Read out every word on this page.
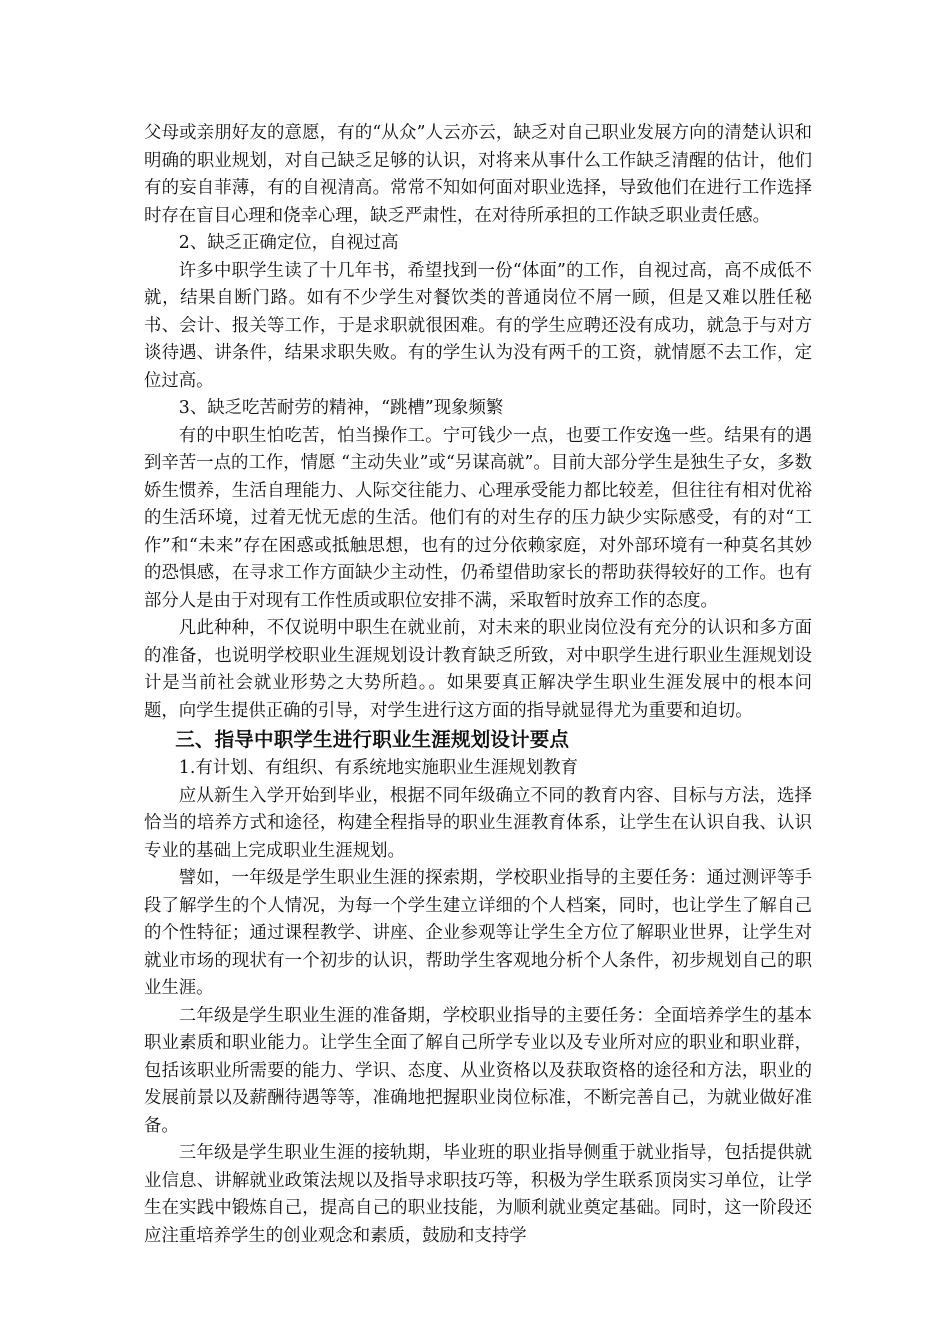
父母或亲朋好友的意愿，有的“从众”人云亦云，缺乏对自己职业发展方向的清楚认识和明确的职业规划，对自己缺乏足够的认识，对将来从事什么工作缺乏清醒的估计，他们有的妄自菲薄，有的自视清高。常常不知如何面对职业选择，导致他们在进行工作选择时存在盲目心理和侥幸心理，缺乏严肃性，在对待所承担的工作缺乏职业责任感。

2、缺乏正确定位，自视过高

许多中职学生读了十几年书，希望找到一份“体面”的工作，自视过高，高不成低不就，结果自断门路。如有不少学生对餐饮类的普通岗位不屑一顾，但是又难以胜任秘书、会计、报关等工作，于是求职就很困难。有的学生应聘还没有成功，就急于与对方谈待遇、讲条件，结果求职失败。有的学生认为没有两千的工资，就情愿不去工作，定位过高。

3、缺乏吃苦耐劳的精神，“跳槽”现象频繁

有的中职生怕吃苦，怕当操作工。宁可钱少一点，也要工作安逸一些。结果有的遇到辛苦一点的工作，情愿 “主动失业”或“另谋高就”。目前大部分学生是独生子女，多数娇生惯养，生活自理能力、人际交往能力、心理承受能力都比较差，但往往有相对优裕的生活环境，过着无忧无虑的生活。他们有的对生存的压力缺少实际感受，有的对“工作”和“未来”存在困惑或抵触思想，也有的过分依赖家庭，对外部环境有一种莫名其妙的恐惧感，在寻求工作方面缺少主动性，仍希望借助家长的帮助获得较好的工作。也有部分人是由于对现有工作性质或职位安排不满，采取暂时放弃工作的态度。

凡此种种，不仅说明中职生在就业前，对未来的职业岗位没有充分的认识和多方面的准备，也说明学校职业生涯规划设计教育缺乏所致，对中职学生进行职业生涯规划设计是当前社会就业形势之大势所趋。。如果要真正解决学生职业生涯发展中的根本问题，向学生提供正确的引导，对学生进行这方面的指导就显得尤为重要和迫切。

三、指导中职学生进行职业生涯规划设计要点

1.有计划、有组织、有系统地实施职业生涯规划教育

应从新生入学开始到毕业，根据不同年级确立不同的教育内容、目标与方法，选择恰当的培养方式和途径，构建全程指导的职业生涯教育体系，让学生在认识自我、认识专业的基础上完成职业生涯规划。

譬如，一年级是学生职业生涯的探索期，学校职业指导的主要任务：通过测评等手段了解学生的个人情况，为每一个学生建立详细的个人档案，同时，也让学生了解自己的个性特征；通过课程教学、讲座、企业参观等让学生全方位了解职业世界，让学生对就业市场的现状有一个初步的认识，帮助学生客观地分析个人条件，初步规划自己的职业生涯。

二年级是学生职业生涯的准备期，学校职业指导的主要任务：全面培养学生的基本职业素质和职业能力。让学生全面了解自己所学专业以及专业所对应的职业和职业群，包括该职业所需要的能力、学识、态度、从业资格以及获取资格的途径和方法，职业的发展前景以及薪酬待遇等等，准确地把握职业岗位标准，不断完善自己，为就业做好准备。

三年级是学生职业生涯的接轨期，毕业班的职业指导侧重于就业指导，包括提供就业信息、讲解就业政策法规以及指导求职技巧等，积极为学生联系顶岗实习单位，让学生在实践中锻炼自己，提高自己的职业技能，为顺利就业奠定基础。同时，这一阶段还应注重培养学生的创业观念和素质，鼓励和支持学
